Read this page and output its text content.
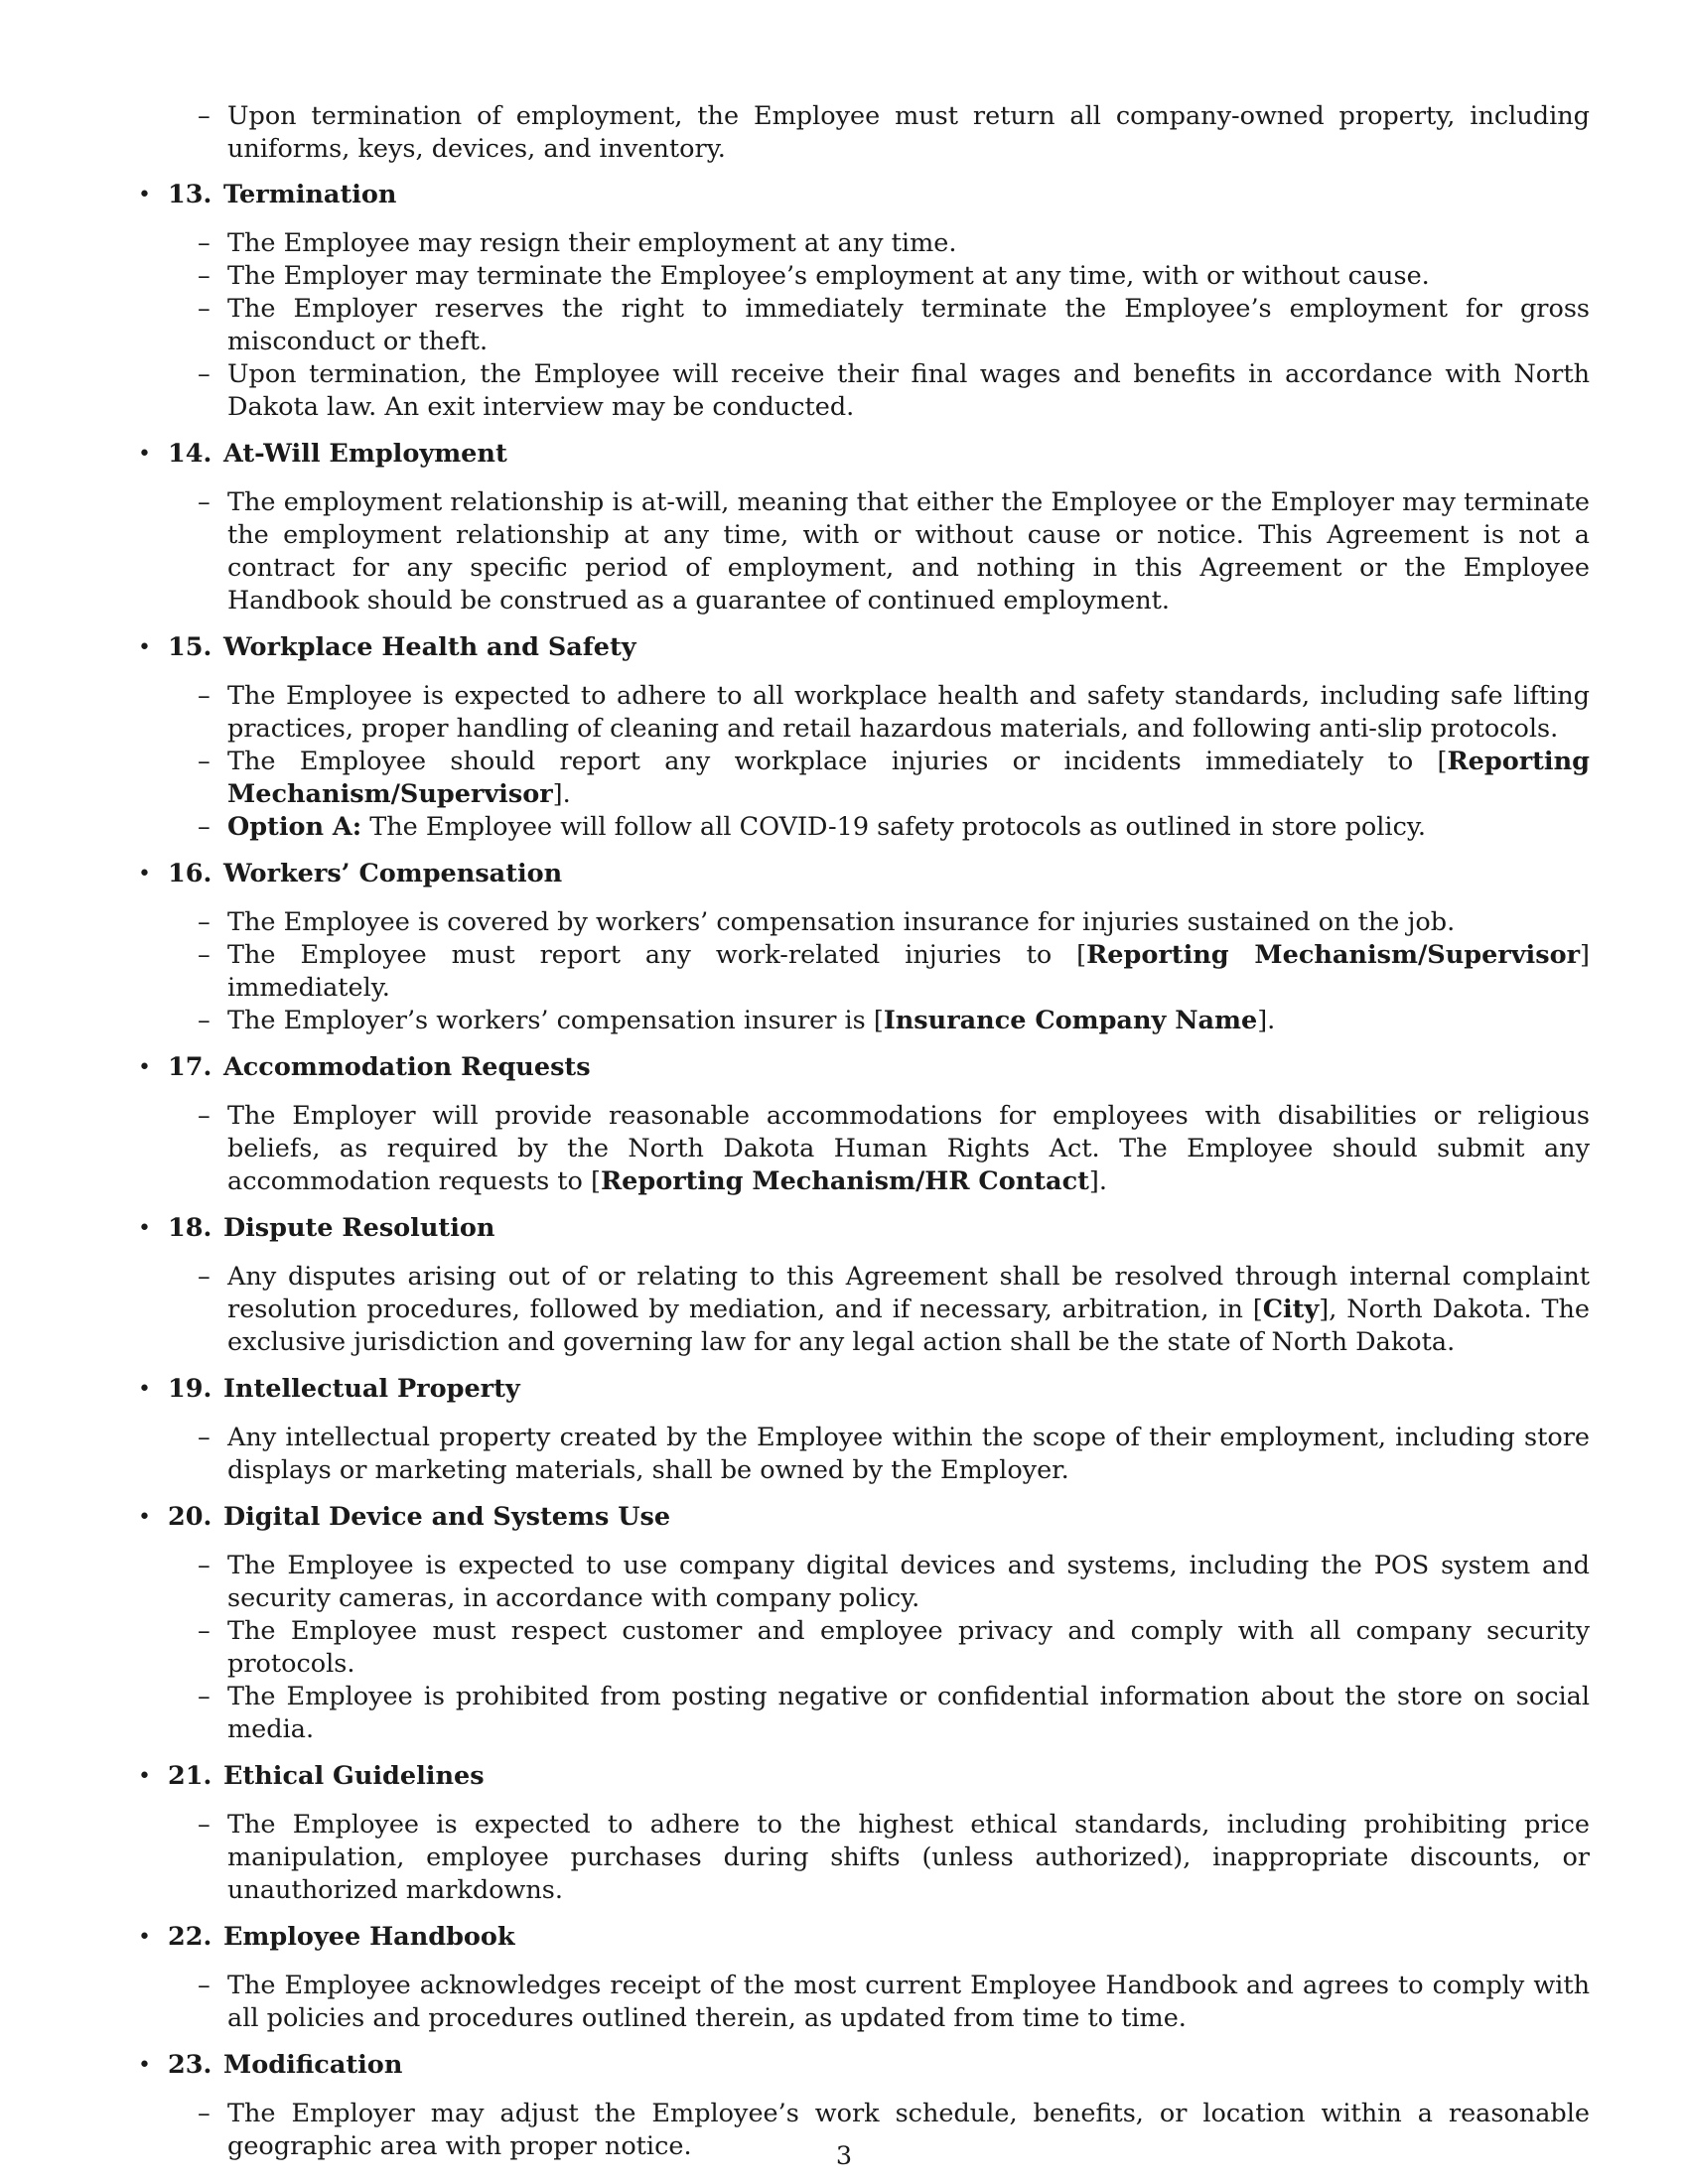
– Upon termination of employment, the Employee must return all company-owned property, including uniforms, keys, devices, and inventory.
• 13. Termination
– The Employee may resign their employment at any time.
– The Employer may terminate the Employee’s employment at any time, with or without cause.
– The Employer reserves the right to immediately terminate the Employee’s employment for gross misconduct or theft.
– Upon termination, the Employee will receive their final wages and benefits in accordance with North Dakota law. An exit interview may be conducted.
• 14. At-Will Employment
– The employment relationship is at-will, meaning that either the Employee or the Employer may terminate the employment relationship at any time, with or without cause or notice. This Agreement is not a contract for any specific period of employment, and nothing in this Agreement or the Employee Handbook should be construed as a guarantee of continued employment.
• 15. Workplace Health and Safety
– The Employee is expected to adhere to all workplace health and safety standards, including safe lifting practices, proper handling of cleaning and retail hazardous materials, and following anti-slip protocols.
– The Employee should report any workplace injuries or incidents immediately to [Reporting Mechanism/Supervisor].
– Option A: The Employee will follow all COVID-19 safety protocols as outlined in store policy.
• 16. Workers’ Compensation
– The Employee is covered by workers’ compensation insurance for injuries sustained on the job.
– The Employee must report any work-related injuries to [Reporting Mechanism/Supervisor] immediately.
– The Employer’s workers’ compensation insurer is [Insurance Company Name].
• 17. Accommodation Requests
– The Employer will provide reasonable accommodations for employees with disabilities or religious beliefs, as required by the North Dakota Human Rights Act. The Employee should submit any accommodation requests to [Reporting Mechanism/HR Contact].
• 18. Dispute Resolution
– Any disputes arising out of or relating to this Agreement shall be resolved through internal complaint resolution procedures, followed by mediation, and if necessary, arbitration, in [City], North Dakota. The exclusive jurisdiction and governing law for any legal action shall be the state of North Dakota.
• 19. Intellectual Property
– Any intellectual property created by the Employee within the scope of their employment, including store displays or marketing materials, shall be owned by the Employer.
• 20. Digital Device and Systems Use
– The Employee is expected to use company digital devices and systems, including the POS system and security cameras, in accordance with company policy.
– The Employee must respect customer and employee privacy and comply with all company security protocols.
– The Employee is prohibited from posting negative or confidential information about the store on social media.
• 21. Ethical Guidelines
– The Employee is expected to adhere to the highest ethical standards, including prohibiting price manipulation, employee purchases during shifts (unless authorized), inappropriate discounts, or unauthorized markdowns.
• 22. Employee Handbook
– The Employee acknowledges receipt of the most current Employee Handbook and agrees to comply with all policies and procedures outlined therein, as updated from time to time.
• 23. Modification
– The Employer may adjust the Employee’s work schedule, benefits, or location within a reasonable geographic area with proper notice.	3
